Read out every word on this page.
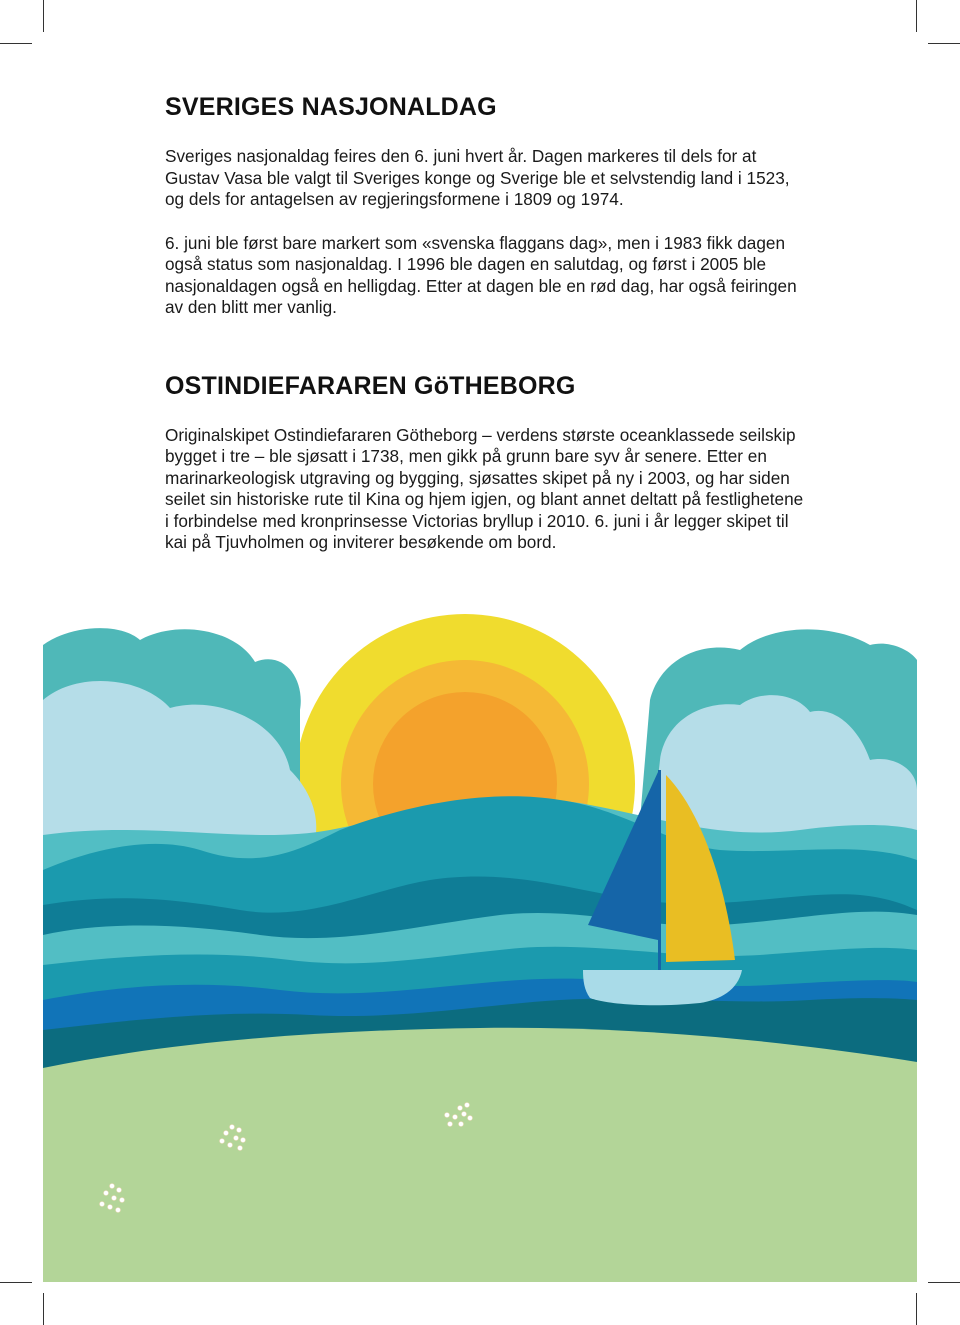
SVERIGES NASJONALDAG

Sveriges nasjonaldag feires den 6. juni hvert år. Dagen markeres til dels for at Gustav Vasa ble valgt til Sveriges konge og Sverige ble et selvstendig land i 1523, og dels for antagelsen av regjeringsformene i 1809 og 1974.

6. juni ble først bare markert som «svenska flaggans dag», men i 1983 fikk dagen også status som nasjonaldag. I 1996 ble dagen en salutdag, og først i 2005 ble nasjonaldagen også en helligdag. Etter at dagen ble en rød dag, har også feiringen av den blitt mer vanlig.

OSTINDIEFARAREN GöTHEBORG

Originalskipet Ostindiefararen Götheborg – verdens største oceanklassede seilskip bygget i tre – ble sjøsatt i 1738, men gikk på grunn bare syv år senere. Etter en marinarkeologisk utgraving og bygging, sjøsattes skipet på ny i 2003, og har siden seilet sin historiske rute til Kina og hjem igjen, og blant annet deltatt på festlighetene i forbindelse med kronprinsesse Victorias bryllup i 2010. 6. juni i år legger skipet til kai på Tjuvholmen og inviterer besøkende om bord.
